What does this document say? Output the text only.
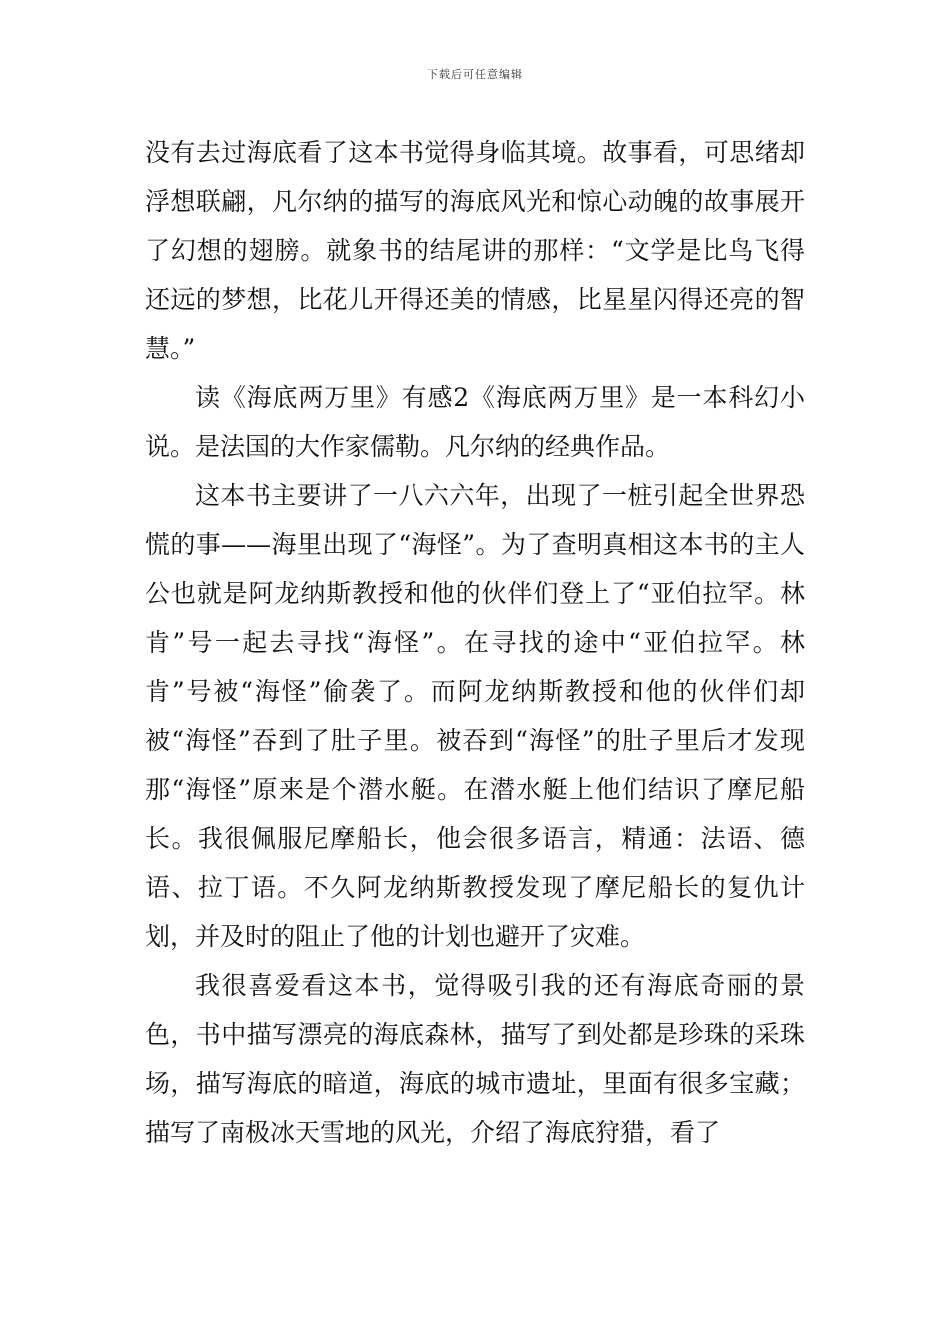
下载后可任意编辑

没有去过海底看了这本书觉得身临其境。故事看，可思绪却浮想联翩，凡尔纳的描写的海底风光和惊心动魄的故事展开了幻想的翅膀。就象书的结尾讲的那样：“文学是比鸟飞得还远的梦想，比花儿开得还美的情感，比星星闪得还亮的智慧。”

读《海底两万里》有感2《海底两万里》是一本科幻小说。是法国的大作家儒勒。凡尔纳的经典作品。

这本书主要讲了一八六六年，出现了一桩引起全世界恐慌的事——海里出现了“海怪”。为了查明真相这本书的主人公也就是阿龙纳斯教授和他的伙伴们登上了“亚伯拉罕。林肯”号一起去寻找“海怪”。在寻找的途中“亚伯拉罕。林肯”号被“海怪”偷袭了。而阿龙纳斯教授和他的伙伴们却被“海怪”吞到了肚子里。被吞到“海怪”的肚子里后才发现那“海怪”原来是个潜水艇。在潜水艇上他们结识了摩尼船长。我很佩服尼摩船长，他会很多语言，精通：法语、德语、拉丁语。不久阿龙纳斯教授发现了摩尼船长的复仇计划，并及时的阻止了他的计划也避开了灾难。

我很喜爱看这本书，觉得吸引我的还有海底奇丽的景色，书中描写漂亮的海底森林，描写了到处都是珍珠的采珠场，描写海底的暗道，海底的城市遗址，里面有很多宝藏；描写了南极冰天雪地的风光，介绍了海底狩猎，看了
